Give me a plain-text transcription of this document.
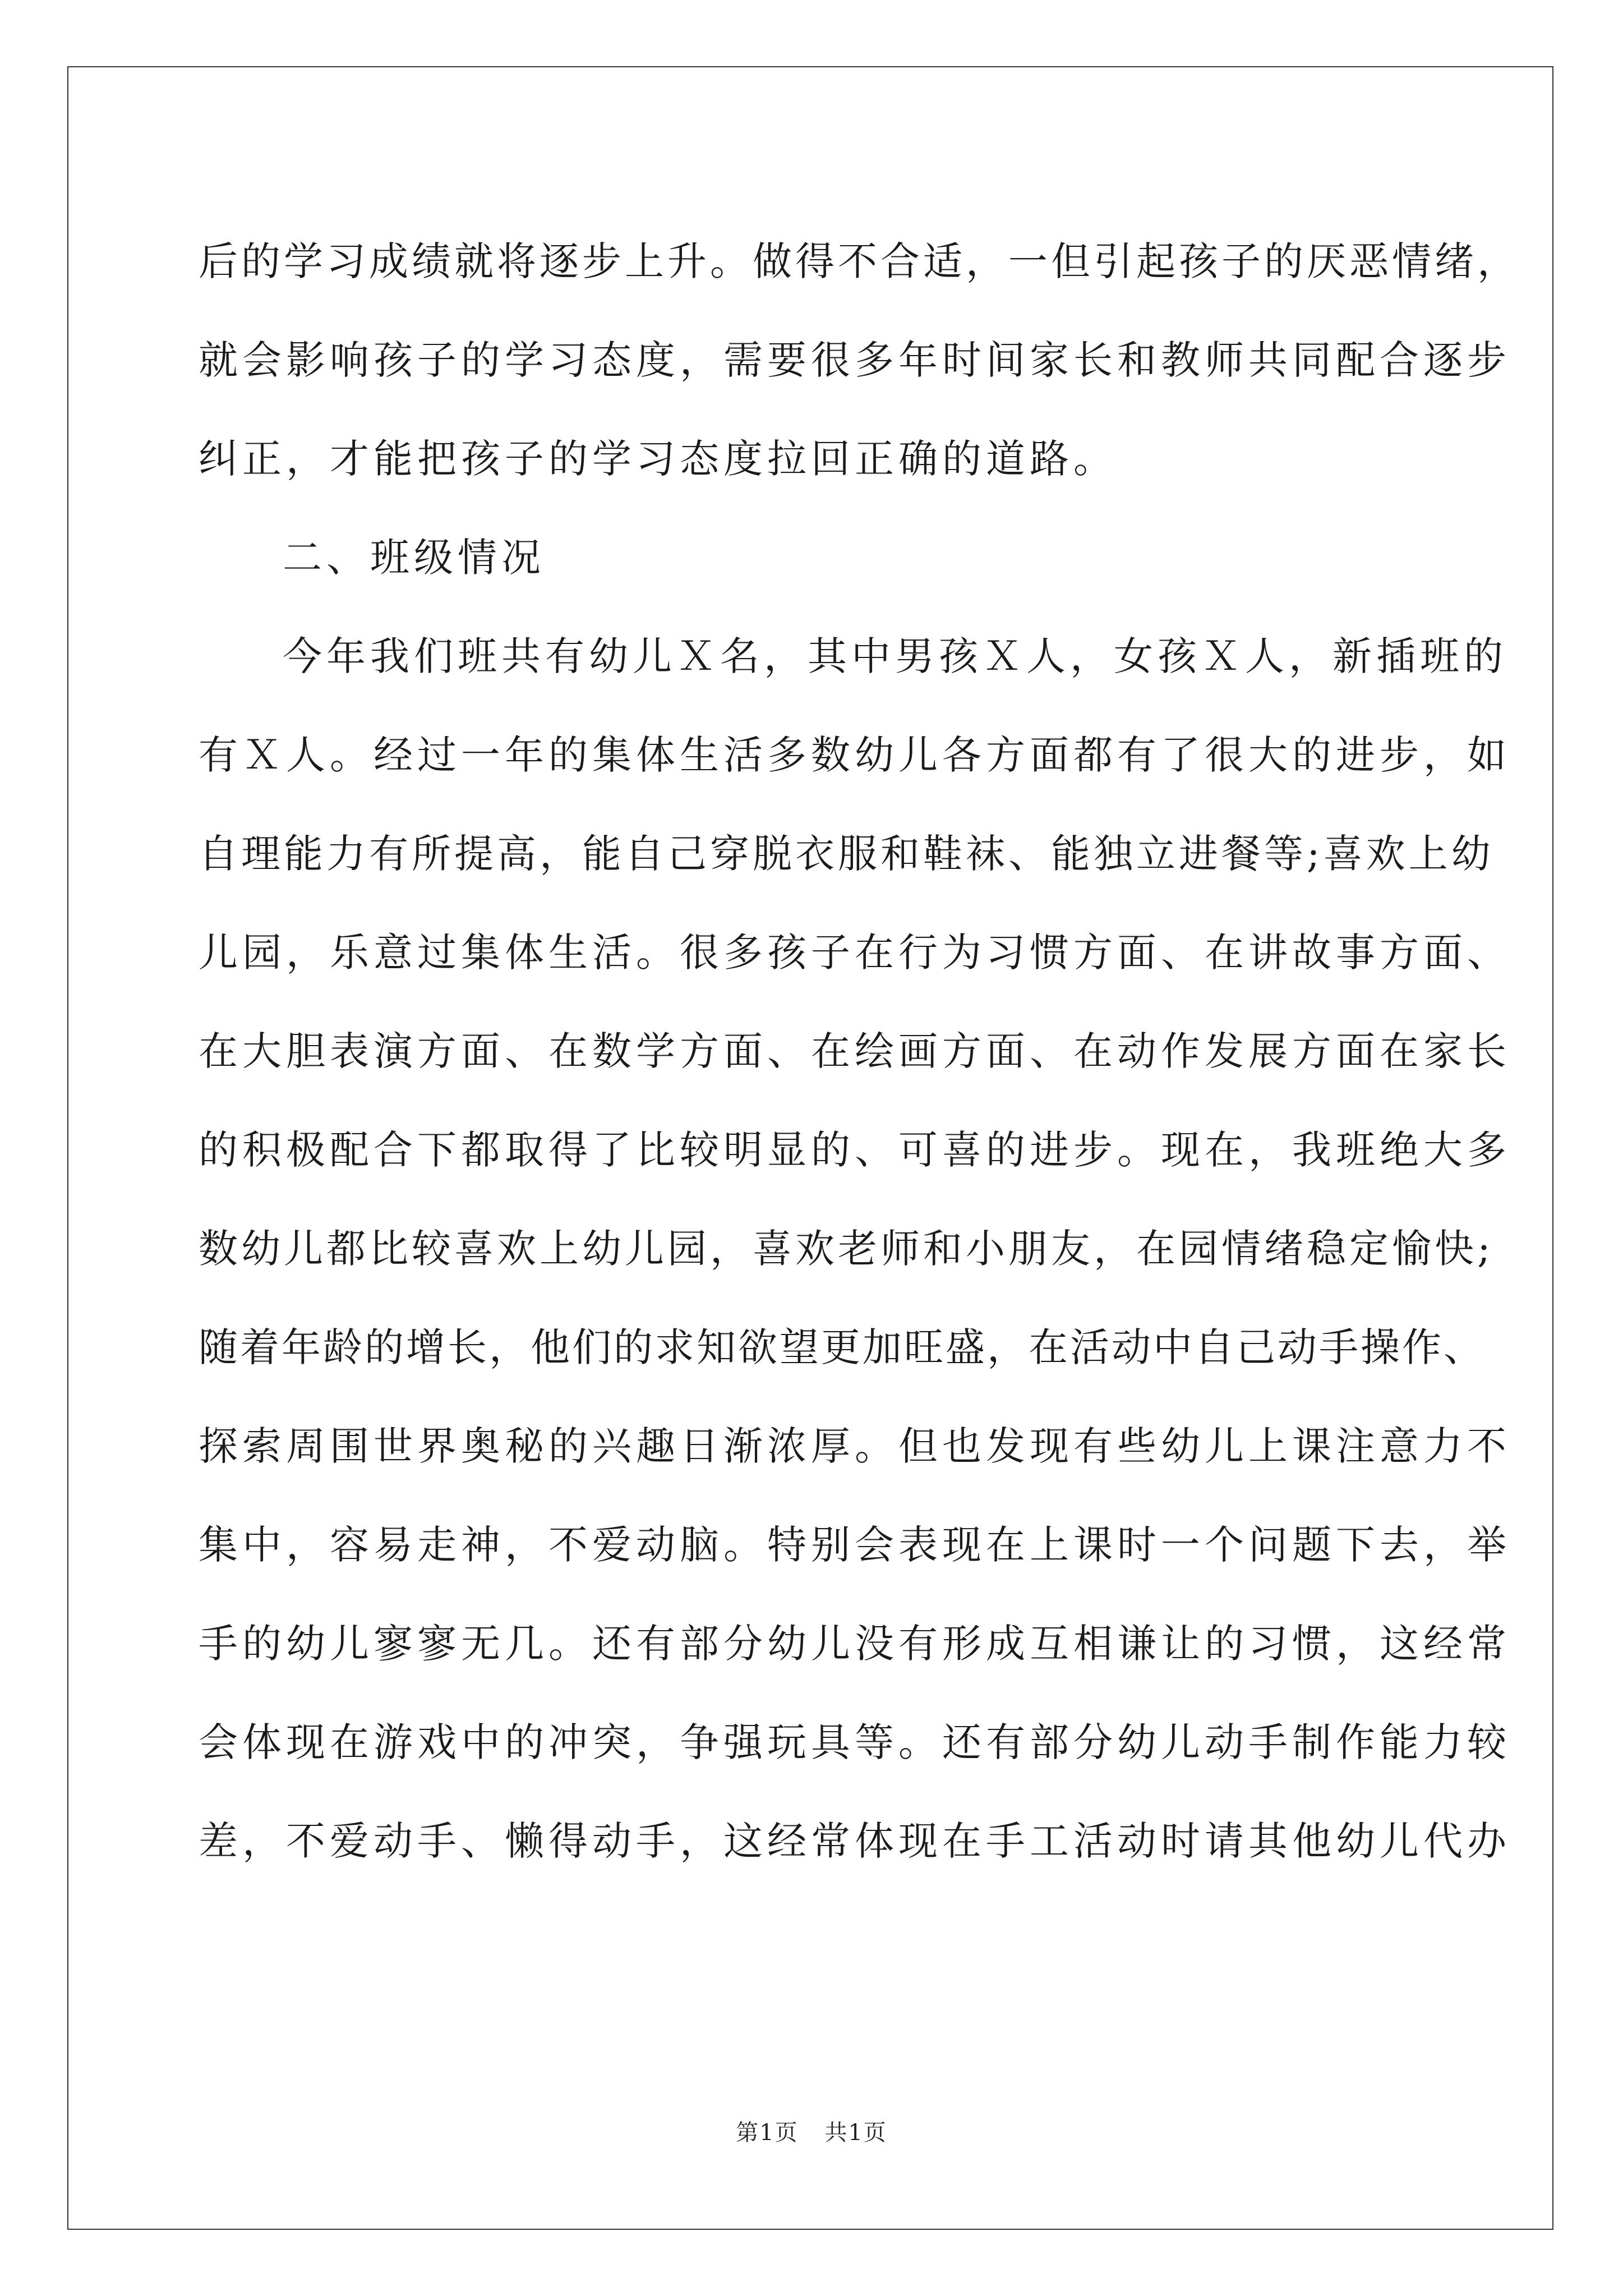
后的学习成绩就将逐步上升。做得不合适，一但引起孩子的厌恶情绪，
就会影响孩子的学习态度，需要很多年时间家长和教师共同配合逐步
纠正，才能把孩子的学习态度拉回正确的道路。
二、班级情况
今年我们班共有幼儿Ｘ名，其中男孩Ｘ人，女孩Ｘ人，新插班的
有Ｘ人。经过一年的集体生活多数幼儿各方面都有了很大的进步，如
自理能力有所提高，能自己穿脱衣服和鞋袜、能独立进餐等;喜欢上幼
儿园，乐意过集体生活。很多孩子在行为习惯方面、在讲故事方面、
在大胆表演方面、在数学方面、在绘画方面、在动作发展方面在家长
的积极配合下都取得了比较明显的、可喜的进步。现在，我班绝大多
数幼儿都比较喜欢上幼儿园，喜欢老师和小朋友，在园情绪稳定愉快;
随着年龄的增长，他们的求知欲望更加旺盛，在活动中自己动手操作、
探索周围世界奥秘的兴趣日渐浓厚。但也发现有些幼儿上课注意力不
集中，容易走神，不爱动脑。特别会表现在上课时一个问题下去，举
手的幼儿寥寥无几。还有部分幼儿没有形成互相谦让的习惯，这经常
会体现在游戏中的冲突，争强玩具等。还有部分幼儿动手制作能力较
差，不爱动手、懒得动手，这经常体现在手工活动时请其他幼儿代办
第1页 共1页
